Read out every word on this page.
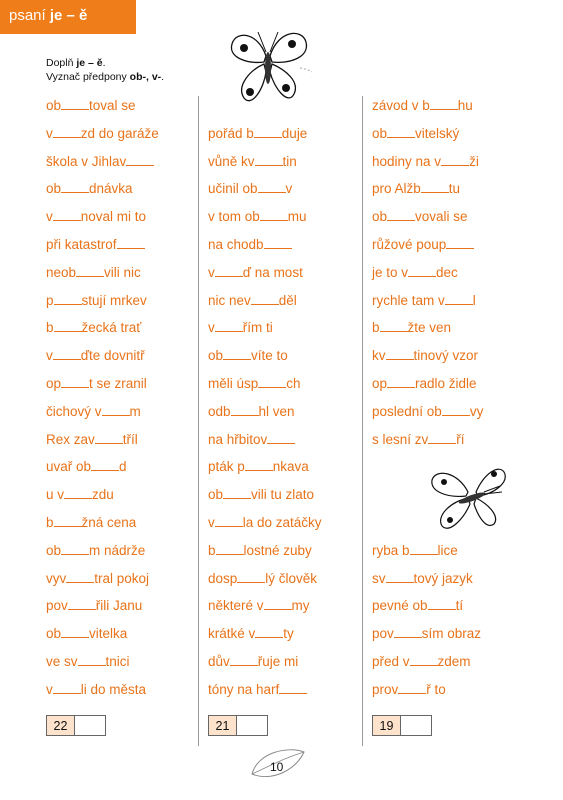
psaní je – ě
Doplň je – ě.
Vyznač předpony ob-, v-.
ob toval se
v zd do garáže
škola v Jihlav
ob dnávka
v noval mi to
při katastrof
neob vili nic
p stují mrkev
b žecká trať
v ďte dovnitř
op t se zranil
čichový v m
Rex zav tříl
uvař ob d
u v zdu
b žná cena
ob m nádrže
vyv tral pokoj
pov řili Janu
ob vitelka
ve sv tnici
v li do města
pořád b duje
vůně kv tin
učinil ob v
v tom ob mu
na chodb
v ď na most
nic nev děl
v řím ti
ob víte to
měli úsp ch
odb hl ven
na hřbitov
pták p nkava
ob vili tu zlato
v la do zatáčky
b lostné zuby
dosp lý člověk
některé v my
krátké v ty
dův řuje mi
tóny na harf
závod v b hu
ob vitelský
hodiny na v ži
pro Alžb tu
ob vovali se
růžové poup
je to v dec
rychle tam v l
b žte ven
kv tinový vzor
op radlo židle
poslední ob vy
s lesní zv ří
ryba b lice
sv tový jazyk
pevné ob tí
pov sím obraz
před v zdem
prov ř to
22	21	19
10
